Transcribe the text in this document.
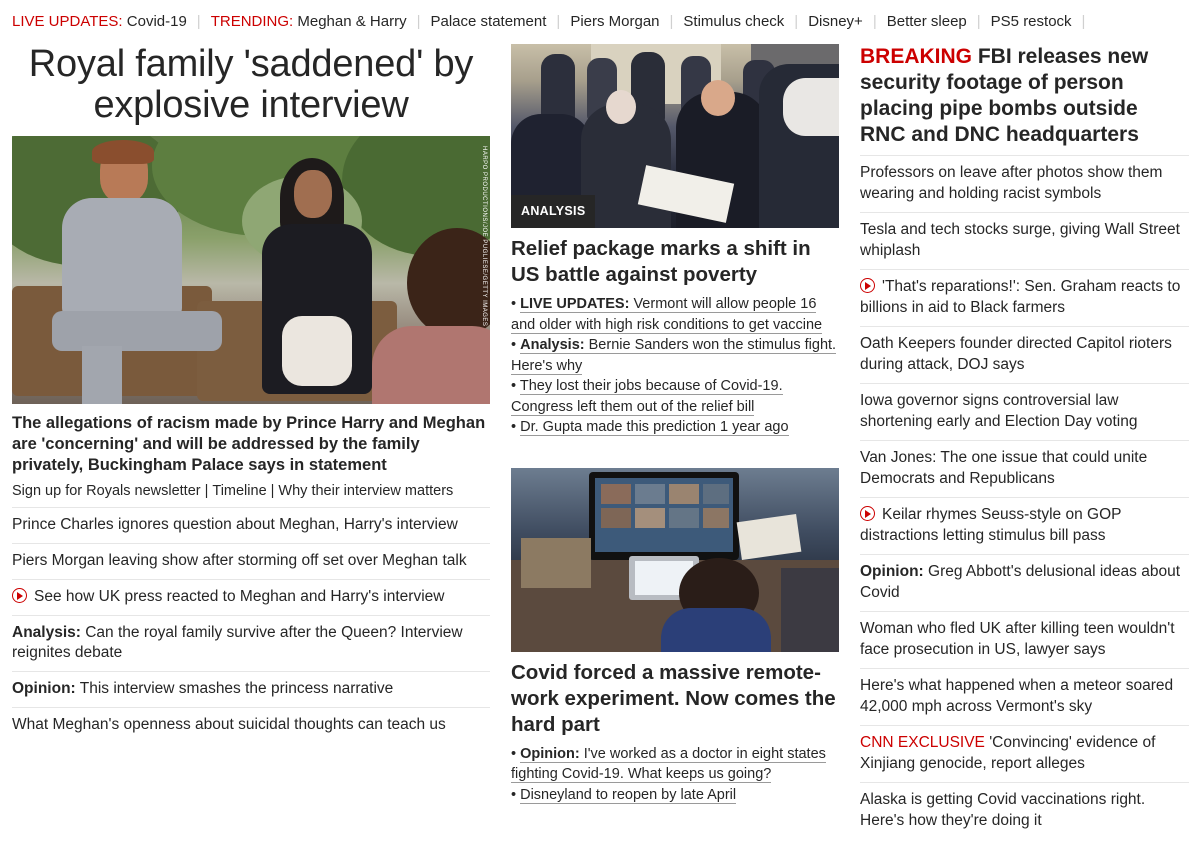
LIVE UPDATES:
Covid-19 | TRENDING:
Meghan & Harry | Palace statement | Piers Morgan | Stimulus check | Disney+ | Better sleep | PS5 restock |
Royal family 'saddened' by explosive interview
HARPO PRODUCTIONS/JOE PUGLIESE/GETTY IMAGES

The allegations of racism made by Prince Harry and Meghan are 'concerning' and will be addressed by the family privately, Buckingham Palace says in statement

Sign up for Royals newsletter | Timeline | Why their interview matters
Prince Charles ignores question about Meghan, Harry's interview
Piers Morgan leaving show after storming off set over Meghan talk
See how UK press reacted to Meghan and Harry's interview
Analysis: Can the royal family survive after the Queen? Interview reignites debate
Opinion: This interview smashes the princess narrative
What Meghan's openness about suicidal thoughts can teach us
ANALYSIS
Relief package marks a shift in US battle against poverty
• LIVE UPDATES: Vermont will allow people 16 and older with high risk conditions to get vaccine
• Analysis: Bernie Sanders won the stimulus fight. Here's why
• They lost their jobs because of Covid-19. Congress left them out of the relief bill
• Dr. Gupta made this prediction 1 year ago
Covid forced a massive remote-work experiment. Now comes the hard part
• Opinion: I've worked as a doctor in eight states fighting Covid-19. What keeps us going?
• Disneyland to reopen by late April
BREAKING FBI releases new security footage of person placing pipe bombs outside RNC and DNC headquarters
Professors on leave after photos show them wearing and holding racist symbols
Tesla and tech stocks surge, giving Wall Street whiplash
'That's reparations!': Sen. Graham reacts to billions in aid to Black farmers
Oath Keepers founder directed Capitol rioters during attack, DOJ says
Iowa governor signs controversial law shortening early and Election Day voting
Van Jones: The one issue that could unite Democrats and Republicans
Keilar rhymes Seuss-style on GOP distractions letting stimulus bill pass
Opinion: Greg Abbott's delusional ideas about Covid
Woman who fled UK after killing teen wouldn't face prosecution in US, lawyer says
Here's what happened when a meteor soared 42,000 mph across Vermont's sky
CNN EXCLUSIVE 'Convincing' evidence of Xinjiang genocide, report alleges
Alaska is getting Covid vaccinations right. Here's how they're doing it
